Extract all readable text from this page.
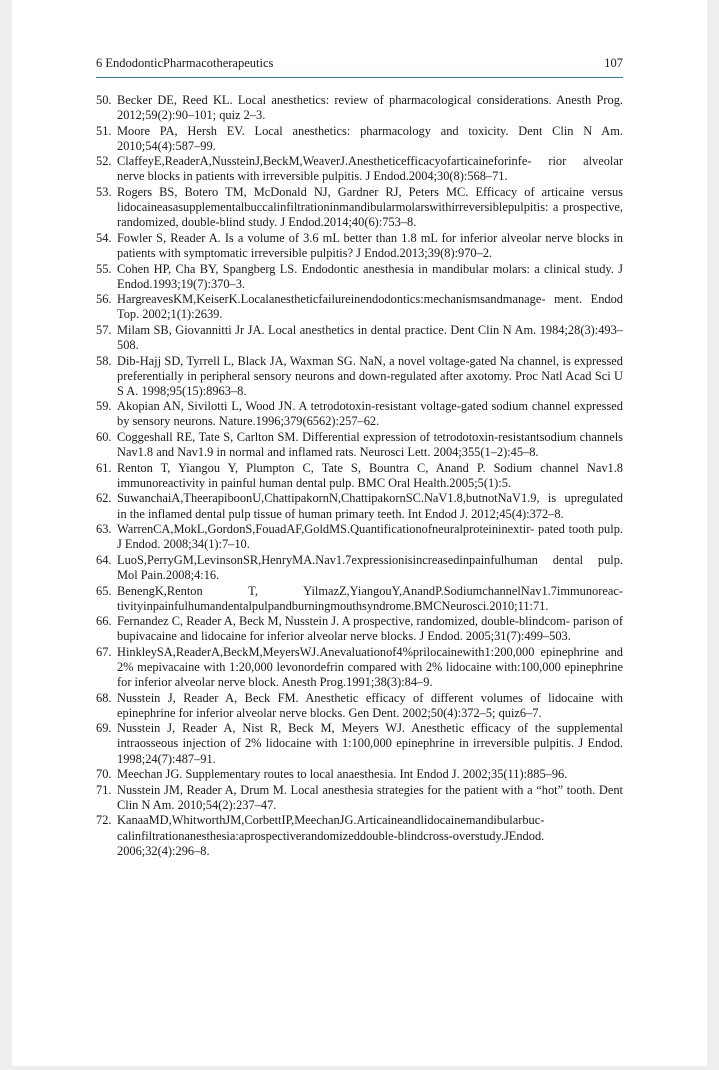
6 EndodonticPharmacotherapeutics	107
50. Becker DE, Reed KL. Local anesthetics: review of pharmacological considerations. Anesth Prog. 2012;59(2):90–101; quiz 2–3.
51. Moore PA, Hersh EV. Local anesthetics: pharmacology and toxicity. Dent Clin N Am. 2010;54(4):587–99.
52. ClaffeyE,ReaderA,NussteinJ,BeckM,WeaverJ.Anestheticefficacyofarticaineforinfe- rior alveolar nerve blocks in patients with irreversible pulpitis. J Endod.2004;30(8):568–71.
53. Rogers BS, Botero TM, McDonald NJ, Gardner RJ, Peters MC. Efficacy of articaine versus lidocaineasasupplementalbuccalinfiltrationinmandibularmolarswithirreversiblepulpitis: a prospective, randomized, double-blind study. J Endod.2014;40(6):753–8.
54. Fowler S, Reader A. Is a volume of 3.6 mL better than 1.8 mL for inferior alveolar nerve blocks in patients with symptomatic irreversible pulpitis? J Endod.2013;39(8):970–2.
55. Cohen HP, Cha BY, Spangberg LS. Endodontic anesthesia in mandibular molars: a clinical study. J Endod.1993;19(7):370–3.
56. HargreavesKM,KeiserK.Localanestheticfailureinendodontics:mechanismsandmanage- ment. Endod Top. 2002;1(1):2639.
57. Milam SB, Giovannitti Jr JA. Local anesthetics in dental practice. Dent Clin N Am. 1984;28(3):493–508.
58. Dib-Hajj SD, Tyrrell L, Black JA, Waxman SG. NaN, a novel voltage-gated Na channel, is expressed preferentially in peripheral sensory neurons and down-regulated after axotomy. Proc Natl Acad Sci U S A. 1998;95(15):8963–8.
59. Akopian AN, Sivilotti L, Wood JN. A tetrodotoxin-resistant voltage-gated sodium channel expressed by sensory neurons. Nature.1996;379(6562):257–62.
60. Coggeshall RE, Tate S, Carlton SM. Differential expression of tetrodotoxin-resistantsodium channels Nav1.8 and Nav1.9 in normal and inflamed rats. Neurosci Lett. 2004;355(1–2):45–8.
61. Renton T, Yiangou Y, Plumpton C, Tate S, Bountra C, Anand P. Sodium channel Nav1.8 immunoreactivity in painful human dental pulp. BMC Oral Health.2005;5(1):5.
62. SuwanchaiA,TheerapiboonU,ChattipakornN,ChattipakornSC.NaV1.8,butnotNaV1.9, is upregulated in the inflamed dental pulp tissue of human primary teeth. Int Endod J. 2012;45(4):372–8.
63. WarrenCA,MokL,GordonS,FouadAF,GoldMS.Quantificationofneuralproteininextir- pated tooth pulp. J Endod. 2008;34(1):7–10.
64. LuoS,PerryGM,LevinsonSR,HenryMA.Nav1.7expressionisincreasedinpainfulhuman dental pulp. Mol Pain.2008;4:16.
65. BenengK,Renton T, YilmazZ,YiangouY,AnandP.SodiumchannelNav1.7immunoreac- tivityinpainfulhumandentalpulpandburningmouthsyndrome.BMCNeurosci.2010;11:71.
66. Fernandez C, Reader A, Beck M, Nusstein J. A prospective, randomized, double-blindcom- parison of bupivacaine and lidocaine for inferior alveolar nerve blocks. J Endod. 2005;31(7):499–503.
67. HinkleySA,ReaderA,BeckM,MeyersWJ.Anevaluationof4%prilocainewith1:200,000 epinephrine and 2% mepivacaine with 1:20,000 levonordefrin compared with 2% lidocaine with:100,000 epinephrine for inferior alveolar nerve block. Anesth Prog.1991;38(3):84–9.
68. Nusstein J, Reader A, Beck FM. Anesthetic efficacy of different volumes of lidocaine with epinephrine for inferior alveolar nerve blocks. Gen Dent. 2002;50(4):372–5; quiz6–7.
69. Nusstein J, Reader A, Nist R, Beck M, Meyers WJ. Anesthetic efficacy of the supplemental intraosseous injection of 2% lidocaine with 1:100,000 epinephrine in irreversible pulpitis. J Endod. 1998;24(7):487–91.
70. Meechan JG. Supplementary routes to local anaesthesia. Int Endod J. 2002;35(11):885–96.
71. Nusstein JM, Reader A, Drum M. Local anesthesia strategies for the patient with a “hot” tooth. Dent Clin N Am. 2010;54(2):237–47.
72. KanaaMD,WhitworthJM,CorbettIP,MeechanJG.Articaineandlidocainemandibularbuc- calinfiltrationanesthesia:aprospectiverandomizeddouble-blindcross-overstudy.JEndod. 2006;32(4):296–8.
